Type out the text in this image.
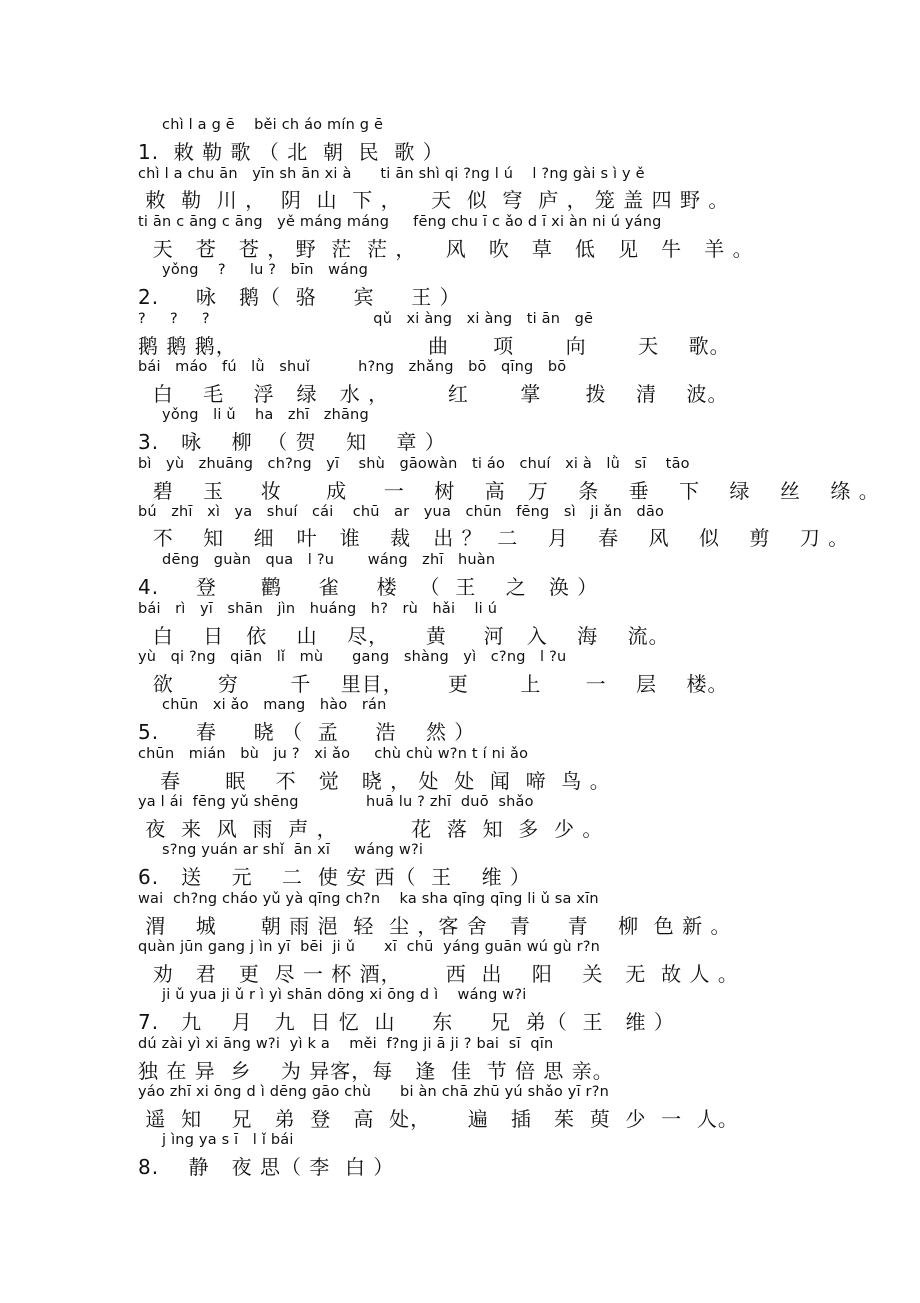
chì l a g ē    běi ch áo mín g ē

1.  敕 勒 歌 （ 北  朝  民  歌 ）

chì l a chu ān   yīn sh ān xi à      ti ān shì qi ?ng l ú    l ?ng gài s ì y ě

敕  勒  川 ，  阴  山  下 ，    天  似  穹  庐 ， 笼 盖 四 野 。

ti ān c āng c āng   yě máng máng     fēng chu ī c ǎo d ī xi àn ni ú yáng

天   苍   苍 ， 野  茫  茫 ，    风   吹   草   低   见   牛   羊 。

yǒng    ?     lu ?   bīn   wáng

2.     咏   鹅（  骆     宾     王 ）

?     ?     ?                                  qǔ   xi àng   xi àng   ti ān   gē

鹅 鹅 鹅，                          曲      项       向       天    歌。

bái   máo   fú   lǜ   shuǐ          h?ng   zhǎng   bō   qīng   bō

白    毛    浮   绿   水 ，        红       掌      拨    清    波。

yǒng   li ǔ    ha   zhī   zhāng

3.   咏    柳  （ 贺    知    章 ）

bì   yù   zhuāng   ch?ng   yī    shù   gāowàn   ti áo   chuí   xi à   lǜ   sī    tāo

碧    玉     妆      成     一    树    高   万    条    垂    下    绿    丝    绦 。

bú   zhī   xì   ya   shuí   cái    chū   ar   yua   chūn   fēng   sì   ji ǎn   dāo

不    知    细   叶   谁    裁   出 ？  二    月    春    风    似    剪    刀 。

dēng   guàn   qua   l ?u       wáng   zhī   huàn

4.     登      鹳     雀     楼   （  王    之   涣 ）

bái   rì   yī   shān   jìn   huáng   h?   rù   hǎi    li ú

白    日   依    山    尽，     黄     河   入    海    流。

yù   qi ?ng   qiān   lǐ   mù      gang   shàng   yì   c?ng   l ?u

欲      穷       千    里目，      更       上      一    层    楼。

chūn   xi ǎo   mang   hào   rán

5.     春     晓 （  孟     浩    然 ）

chūn   mián   bù   ju ?   xi ǎo     chù chù w?n t í ni ǎo

春      眠    不   觉   晓 ， 处  处  闻  啼  鸟 。

ya l ái  fēng yǔ shēng              huā lu ? zhī  duō  shǎo

夜  来  风  雨  声 ，          花  落  知  多  少 。

s?ng yuán ar shǐ  ān xī     wáng w?i

6.   送    元    二  使 安 西（  王    维 ）

wai  ch?ng cháo yǔ yà qīng ch?n    ka sha qīng qīng li ǔ sa xīn

渭    城      朝 雨 浥  轻  尘 ，客 舍   青     青    柳  色 新 。

quàn jūn gang j ìn yī  bēi  ji ǔ      xī  chū  yáng guān wú gù r?n

劝   君   更  尽 一 杯 酒，      西  出    阳    关   无  故 人 。

ji ǔ yua ji ǔ r ì yì shān dōng xi ōng d ì    wáng w?i

7.   九    月   九  日 忆  山     东     兄  弟（  王   维 ）

dú zài yì xi āng w?i  yì k a    měi  f?ng ji ā ji ? bai  sī  qīn

独 在 异  乡    为 异客，每   逢  佳  节 倍 思 亲。

yáo zhī xi ōng d ì dēng gāo chù      bi àn chā zhū yú shǎo yī r?n

遥  知    兄   弟  登   高  处，     遍   插   茱  萸  少  一  人。

j ìng ya s ī   l ǐ bái

8.    静   夜 思（ 李  白 ）
